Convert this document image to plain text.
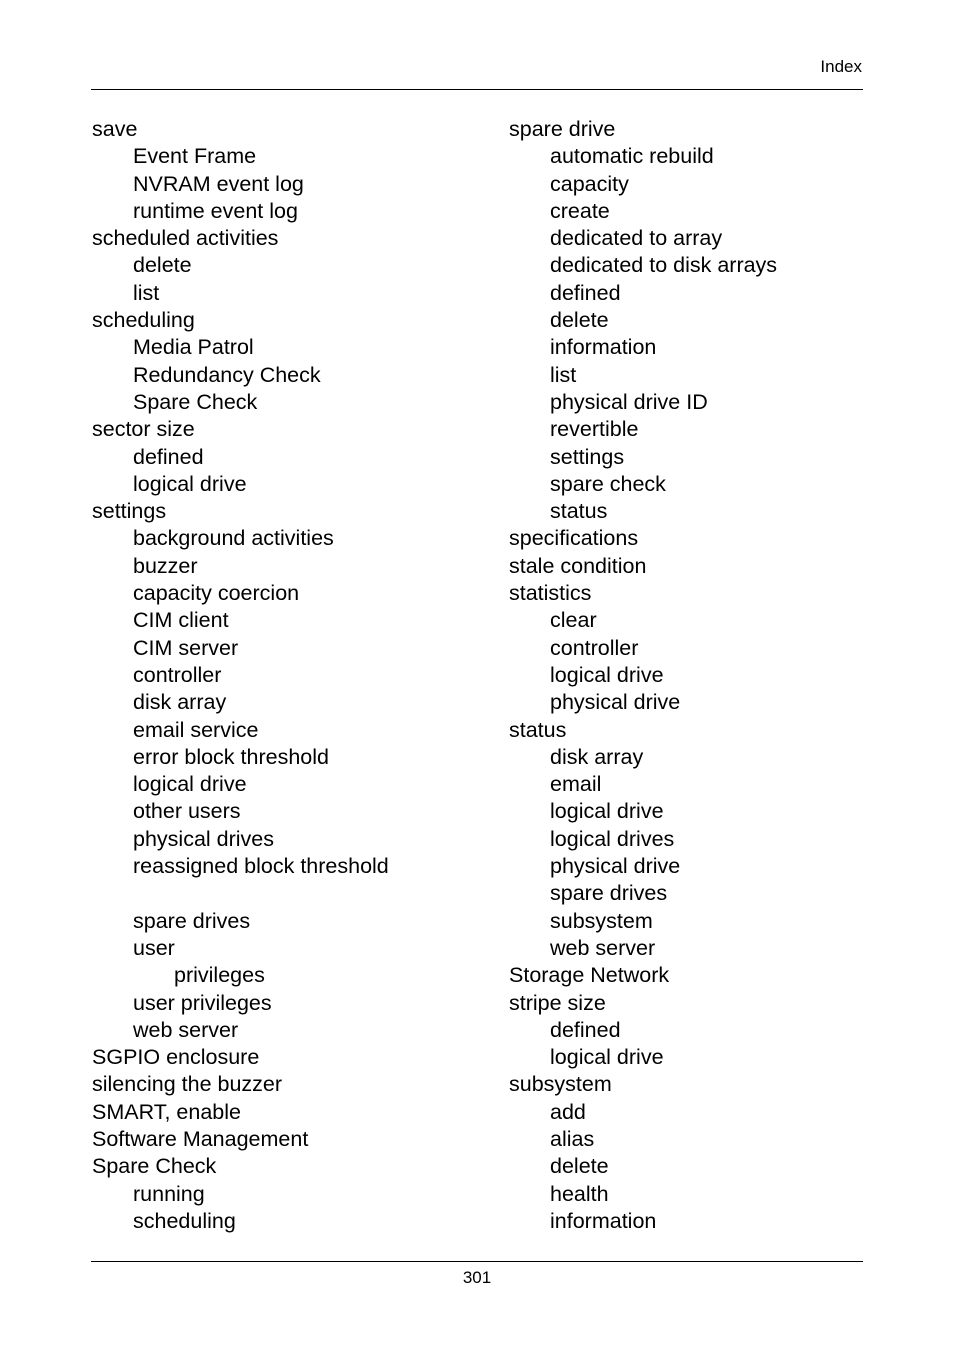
Index
save
Event Frame
NVRAM event log
runtime event log
scheduled activities
delete
list
scheduling
Media Patrol
Redundancy Check
Spare Check
sector size
defined
logical drive
settings
background activities
buzzer
capacity coercion
CIM client
CIM server
controller
disk array
email service
error block threshold
logical drive
other users
physical drives
reassigned block threshold
spare drives
user
privileges
user privileges
web server
SGPIO enclosure
silencing the buzzer
SMART, enable
Software Management
Spare Check
running
scheduling
spare drive
automatic rebuild
capacity
create
dedicated to array
dedicated to disk arrays
defined
delete
information
list
physical drive ID
revertible
settings
spare check
status
specifications
stale condition
statistics
clear
controller
logical drive
physical drive
status
disk array
email
logical drive
logical drives
physical drive
spare drives
subsystem
web server
Storage Network
stripe size
defined
logical drive
subsystem
add
alias
delete
health
information
301
